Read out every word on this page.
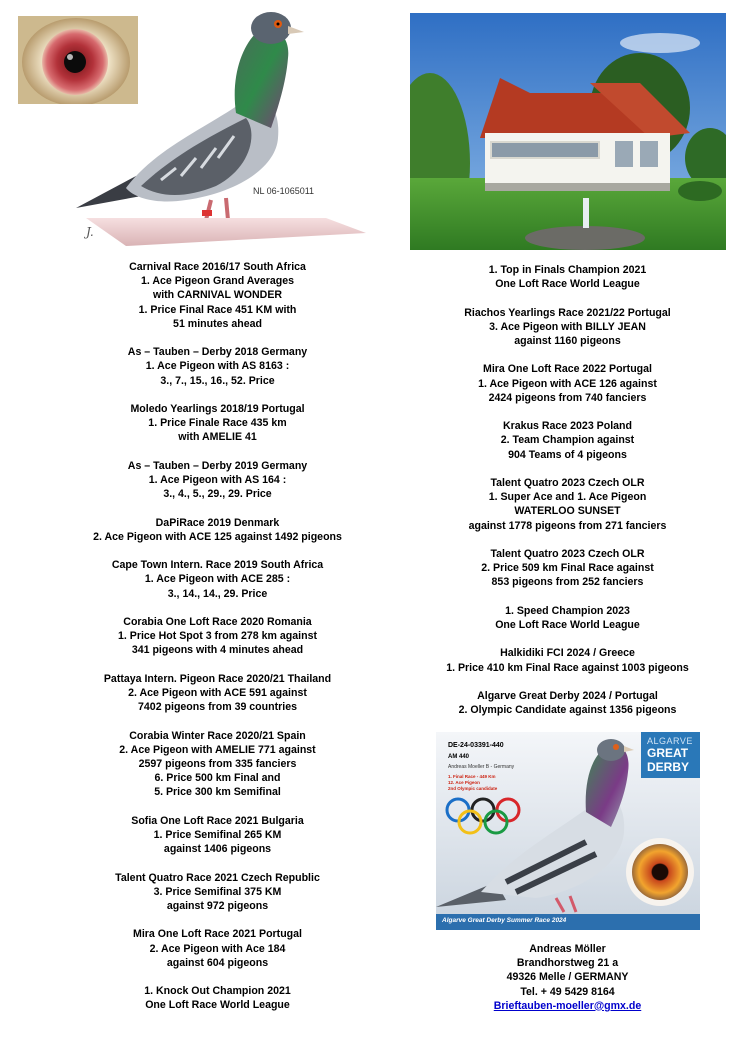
J.
NL 06-1065011
Carnival Race 2016/17 South Africa
1. Ace Pigeon Grand Averages
with CARNIVAL WONDER
1. Price Final Race 451 KM with
51 minutes ahead
As – Tauben – Derby 2018 Germany
1. Ace Pigeon with AS 8163 :
3., 7., 15., 16., 52. Price
Moledo Yearlings 2018/19 Portugal
1. Price Finale Race 435 km
with AMELIE 41
As – Tauben – Derby 2019 Germany
1. Ace Pigeon with AS 164 :
3., 4., 5., 29., 29. Price
DaPiRace 2019 Denmark
2. Ace Pigeon with ACE 125 against 1492 pigeons
Cape Town Intern. Race 2019 South Africa
1. Ace Pigeon with ACE 285 :
3., 14., 14., 29. Price
Corabia One Loft Race 2020 Romania
1. Price Hot Spot 3 from 278 km against
341 pigeons with 4 minutes ahead
Pattaya Intern. Pigeon Race 2020/21 Thailand
2. Ace Pigeon with ACE 591 against
7402 pigeons from 39 countries
Corabia Winter Race 2020/21 Spain
2. Ace Pigeon with AMELIE 771 against
2597 pigeons from 335 fanciers
6. Price 500 km Final and
5. Price 300 km Semifinal
Sofia One Loft Race 2021 Bulgaria
1. Price Semifinal 265 KM
against 1406 pigeons
Talent Quatro Race 2021 Czech Republic
3. Price Semifinal 375 KM
against 972 pigeons
Mira One Loft Race 2021 Portugal
2. Ace Pigeon with Ace 184
against 604 pigeons
1. Knock Out Champion 2021
One Loft Race World League
1. Top in Finals Champion 2021
One Loft Race World League
Riachos Yearlings Race 2021/22 Portugal
3. Ace Pigeon with BILLY JEAN
against 1160 pigeons
Mira One Loft Race 2022 Portugal
1. Ace Pigeon with ACE 126 against
2424 pigeons from 740 fanciers
Krakus Race 2023 Poland
2. Team Champion against
904 Teams of 4 pigeons
Talent Quatro 2023 Czech OLR
1. Super Ace and 1. Ace Pigeon
WATERLOO SUNSET
against 1778 pigeons from 271 fanciers
Talent Quatro 2023 Czech OLR
2. Price 509 km Final Race against
853 pigeons from 252 fanciers
1. Speed Champion 2023
One Loft Race World League
Halkidiki FCI 2024 / Greece
1. Price 410 km Final Race against 1003 pigeons
Algarve Great Derby 2024 / Portugal
2. Olympic Candidate against 1356 pigeons
DE-24-03391-440
AM 440
Andreas Moeller B - Germany
1. Final Race - 449 Km
12. Ace Pigeon
2nd Olympic candidate
ALGARVE
GREAT
DERBY
Algarve Great Derby Summer Race 2024
Andreas Möller
Brandhorstweg 21 a
49326 Melle / GERMANY
Tel. + 49 5429 8164
Brieftauben-moeller@gmx.de
